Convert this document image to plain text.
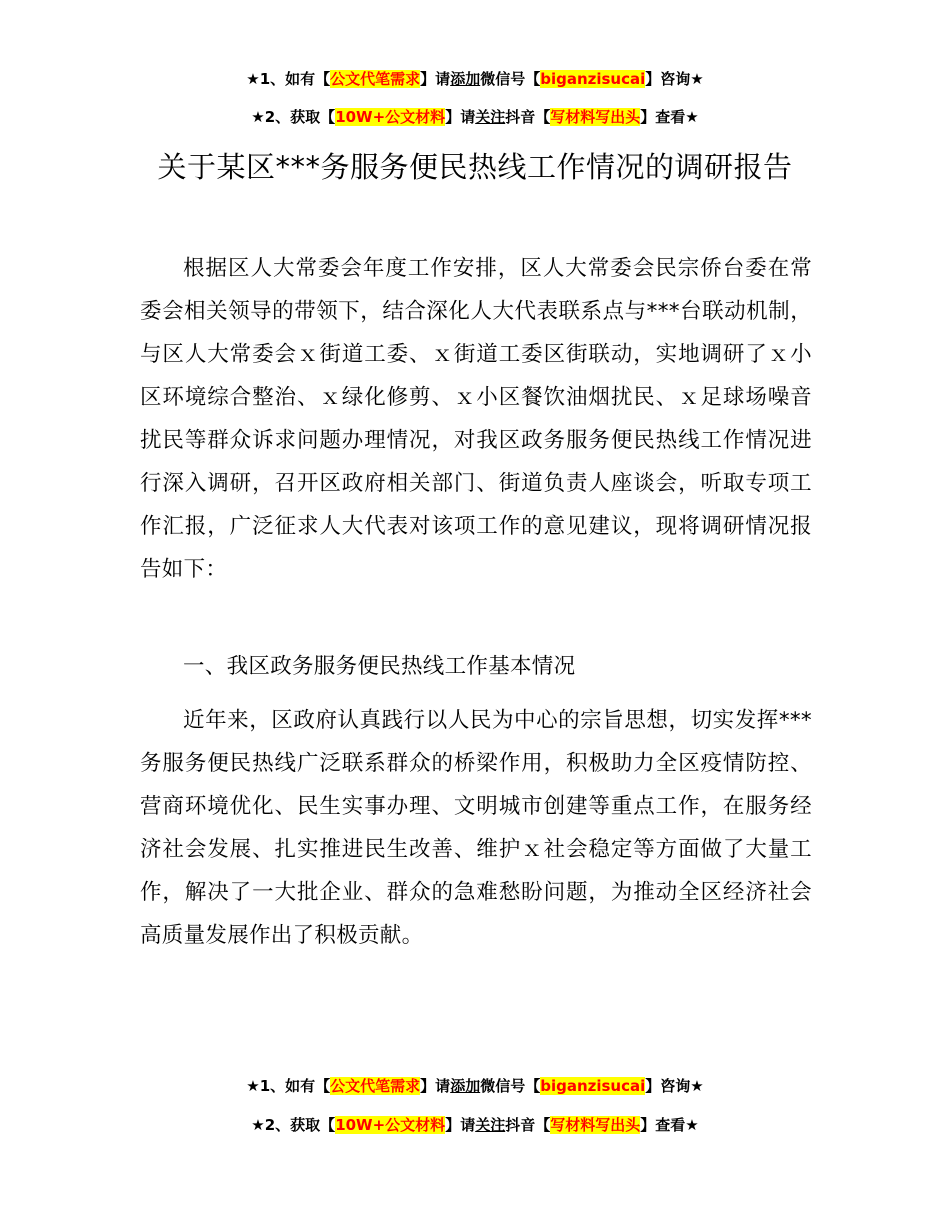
★1、如有【公文代笔需求】请添加微信号【biganzisucai】咨询★
★2、获取【10W+公文材料】请关注抖音【写材料写出头】查看★
关于某区***务服务便民热线工作情况的调研报告

根据区人大常委会年度工作安排，区人大常委会民宗侨台委在常委会相关领导的带领下，结合深化人大代表联系点与***台联动机制，与区人大常委会ｘ街道工委、ｘ街道工委区街联动，实地调研了ｘ小区环境综合整治、ｘ绿化修剪、ｘ小区餐饮油烟扰民、ｘ足球场噪音扰民等群众诉求问题办理情况，对我区政务服务便民热线工作情况进行深入调研，召开区政府相关部门、街道负责人座谈会，听取专项工作汇报，广泛征求人大代表对该项工作的意见建议，现将调研情况报告如下：

一、我区政务服务便民热线工作基本情况

近年来，区政府认真践行以人民为中心的宗旨思想，切实发挥***务服务便民热线广泛联系群众的桥梁作用，积极助力全区疫情防控、营商环境优化、民生实事办理、文明城市创建等重点工作，在服务经济社会发展、扎实推进民生改善、维护ｘ社会稳定等方面做了大量工作，解决了一大批企业、群众的急难愁盼问题，为推动全区经济社会高质量发展作出了积极贡献。

★1、如有【公文代笔需求】请添加微信号【biganzisucai】咨询★
★2、获取【10W+公文材料】请关注抖音【写材料写出头】查看★
